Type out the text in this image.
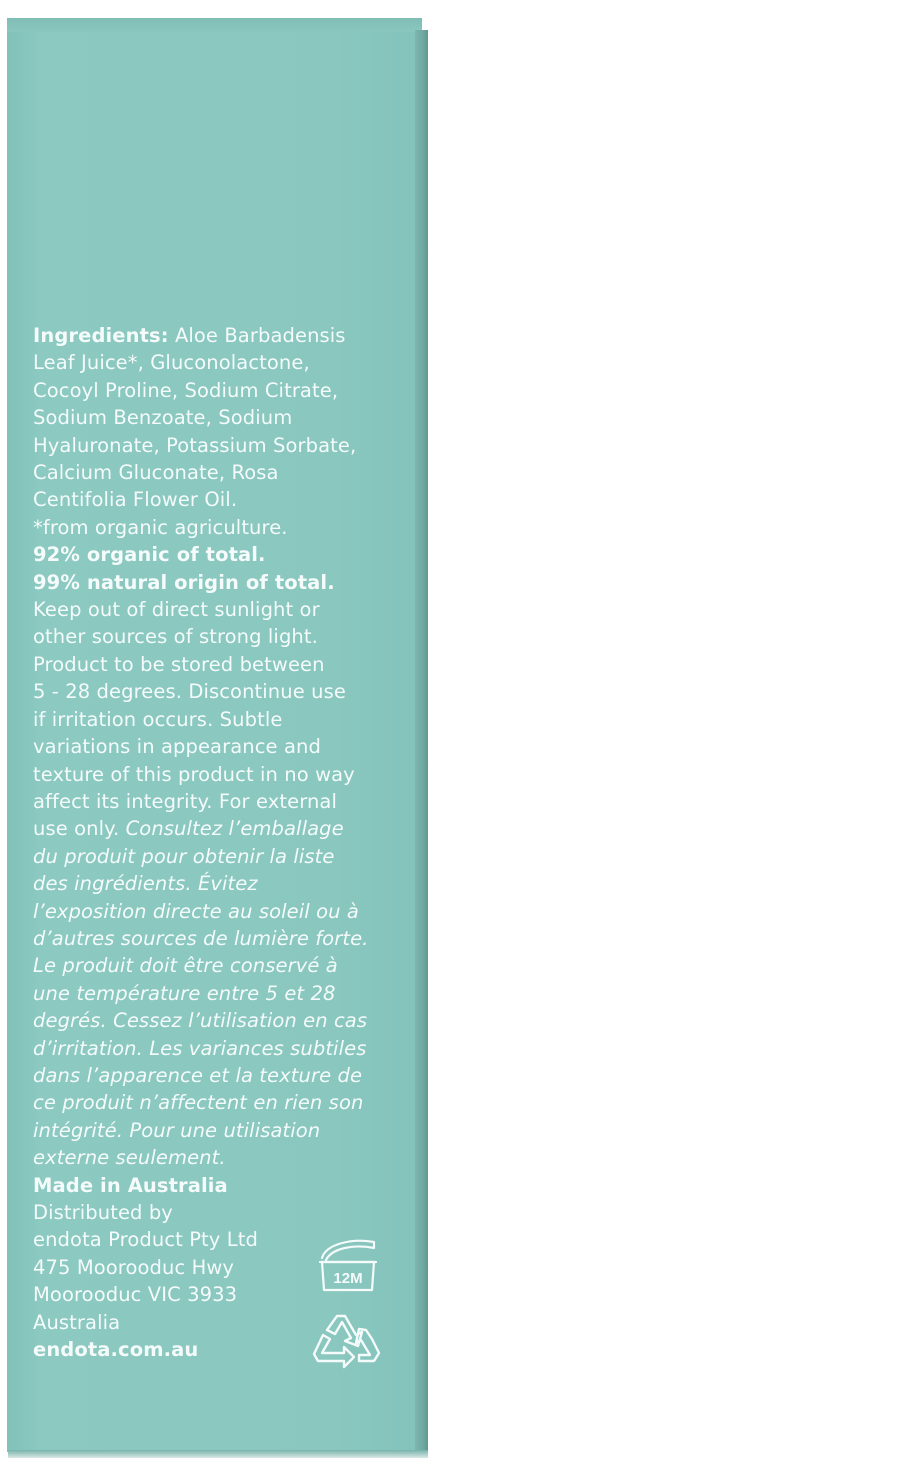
Ingredients: Aloe Barbadensis
Leaf Juice*, Gluconolactone,
Cocoyl Proline, Sodium Citrate,
Sodium Benzoate, Sodium
Hyaluronate, Potassium Sorbate,
Calcium Gluconate, Rosa
Centifolia Flower Oil.
*from organic agriculture.
92% organic of total.
99% natural origin of total.
Keep out of direct sunlight or
other sources of strong light.
Product to be stored between
5 - 28 degrees. Discontinue use
if irritation occurs. Subtle
variations in appearance and
texture of this product in no way
affect its integrity. For external
use only. Consultez l’emballage
du produit pour obtenir la liste
des ingrédients. Évitez
l’exposition directe au soleil ou à
d’autres sources de lumière forte.
Le produit doit être conservé à
une température entre 5 et 28
degrés. Cessez l’utilisation en cas
d’irritation. Les variances subtiles
dans l’apparence et la texture de
ce produit n’affectent en rien son
intégrité. Pour une utilisation
externe seulement.
Made in Australia
Distributed by
endota Product Pty Ltd
475 Moorooduc Hwy
Moorooduc VIC 3933
Australia
endota.com.au
12M
